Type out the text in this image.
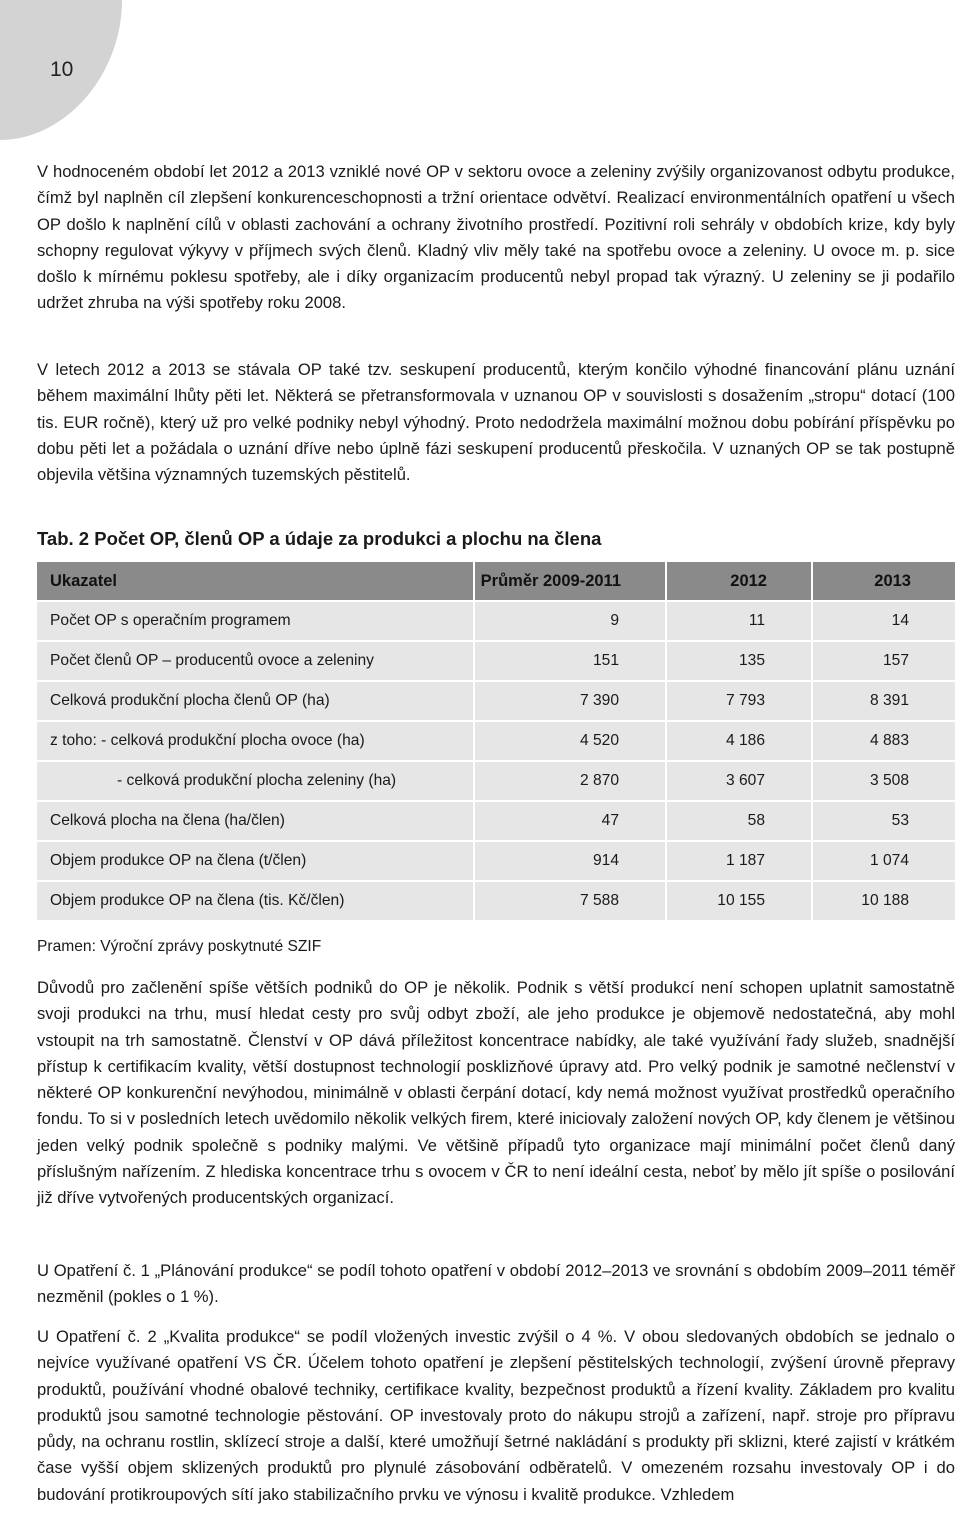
10

V hodnoceném období let 2012 a 2013 vzniklé nové OP v sektoru ovoce a zeleniny zvýšily organizovanost odbytu produkce, čímž byl naplněn cíl zlepšení konkurenceschopnosti a tržní orientace odvětví. Realizací environmentálních opatření u všech OP došlo k naplnění cílů v oblasti zachování a ochrany životního prostředí. Pozitivní roli sehrály v obdobích krize, kdy byly schopny regulovat výkyvy v příjmech svých členů. Kladný vliv měly také na spotřebu ovoce a zeleniny. U ovoce m. p. sice došlo k mírnému poklesu spotřeby, ale i díky organizacím producentů nebyl propad tak výrazný. U zeleniny se ji podařilo udržet zhruba na výši spotřeby roku 2008.

V letech 2012 a 2013 se stávala OP také tzv. seskupení producentů, kterým končilo výhodné financování plánu uznání během maximální lhůty pěti let. Některá se přetransformovala v uznanou OP v souvislosti s dosažením „stropu“ dotací (100 tis. EUR ročně), který už pro velké podniky nebyl výhodný. Proto nedodržela maximální možnou dobu pobírání příspěvku po dobu pěti let a požádala o uznání dříve nebo úplně fázi seskupení producentů přeskočila. V uznaných OP se tak postupně objevila většina významných tuzemských pěstitelů.

Tab. 2 Počet OP, členů OP a údaje za produkci a plochu na člena
Ukazatel	Průměr 2009-2011	2012	2013
Počet OP s operačním programem	9	11	14
Počet členů OP – producentů ovoce a zeleniny	151	135	157
Celková produkční plocha členů OP (ha)	7 390	7 793	8 391
z toho: - celková produkční plocha ovoce (ha)	4 520	4 186	4 883
- celková produkční plocha zeleniny (ha)	2 870	3 607	3 508
Celková plocha na člena (ha/člen)	47	58	53
Objem produkce OP na člena (t/člen)	914	1 187	1 074
Objem produkce OP na člena (tis. Kč/člen)	7 588	10 155	10 188
Pramen: Výroční zprávy poskytnuté SZIF

Důvodů pro začlenění spíše větších podniků do OP je několik. Podnik s větší produkcí není schopen uplatnit samostatně svoji produkci na trhu, musí hledat cesty pro svůj odbyt zboží, ale jeho produkce je objemově nedostatečná, aby mohl vstoupit na trh samostatně. Členství v OP dává příležitost koncentrace nabídky, ale také využívání řady služeb, snadnější přístup k certifikacím kvality, větší dostupnost technologií posklizňové úpravy atd. Pro velký podnik je samotné nečlenství v některé OP konkurenční nevýhodou, minimálně v oblasti čerpání dotací, kdy nemá možnost využívat prostředků operačního fondu. To si v posledních letech uvědomilo několik velkých firem, které iniciovaly založení nových OP, kdy členem je většinou jeden velký podnik společně s podniky malými. Ve většině případů tyto organizace mají minimální počet členů daný příslušným nařízením. Z hlediska koncentrace trhu s ovocem v ČR to není ideální cesta, neboť by mělo jít spíše o posilování již dříve vytvořených producentských organizací.

U Opatření č. 1 „Plánování produkce“ se podíl tohoto opatření v období 2012–2013 ve srovnání s obdobím 2009–2011 téměř nezměnil (pokles o 1 %).

U Opatření č. 2 „Kvalita produkce“ se podíl vložených investic zvýšil o 4 %. V obou sledovaných obdobích se jednalo o nejvíce využívané opatření VS ČR. Účelem tohoto opatření je zlepšení pěstitelských technologií, zvýšení úrovně přepravy produktů, používání vhodné obalové techniky, certifikace kvality, bezpečnost produktů a řízení kvality. Základem pro kvalitu produktů jsou samotné technologie pěstování. OP investovaly proto do nákupu strojů a zařízení, např. stroje pro přípravu půdy, na ochranu rostlin, sklízecí stroje a další, které umožňují šetrné nakládání s produkty při sklizni, které zajistí v krátkém čase vyšší objem sklizených produktů pro plynulé zásobování odběratelů. V omezeném rozsahu investovaly OP i do budování protikroupových sítí jako stabilizačního prvku ve výnosu i kvalitě produkce. Vzhledem
